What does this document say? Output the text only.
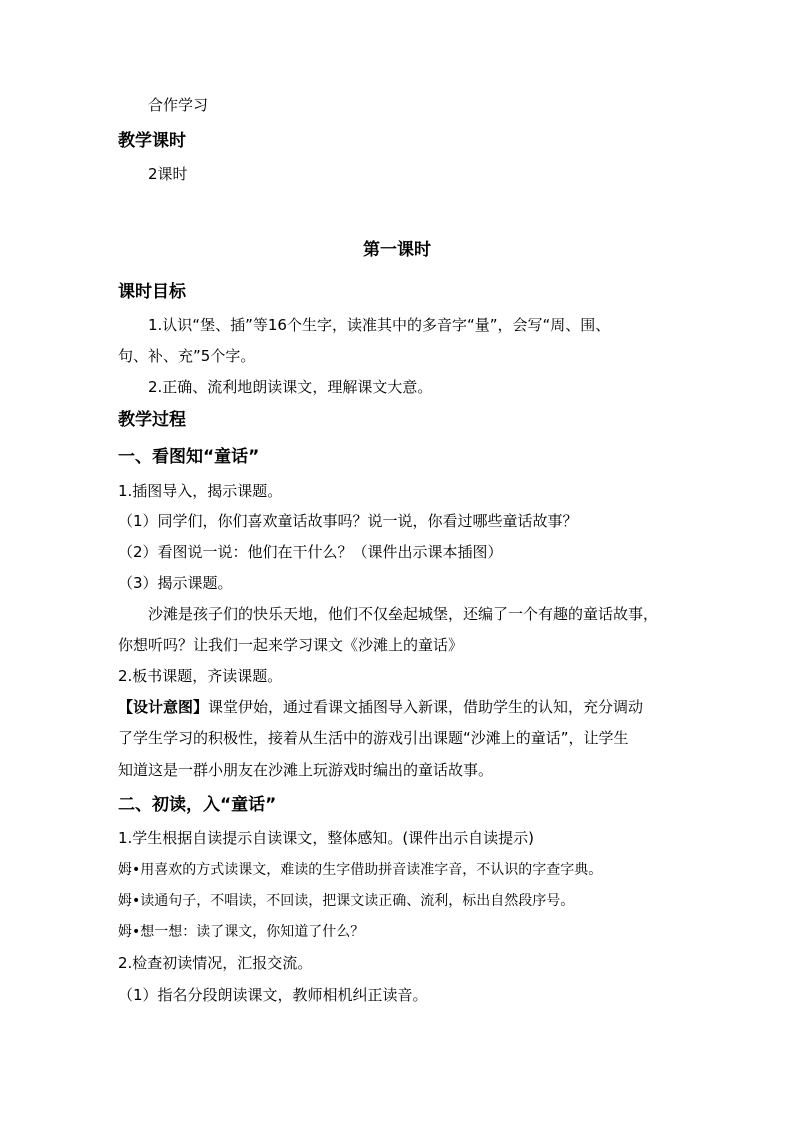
合作学习
教学课时
2课时
第一课时
课时目标
1.认识“堡、插”等16个生字，读准其中的多音字“量”，会写“周、围、
句、补、充”5个字。
2.正确、流利地朗读课文，理解课文大意。
教学过程
一、看图知“童话”
1.插图导入，揭示课题。
（1）同学们，你们喜欢童话故事吗？说一说，你看过哪些童话故事？
（2）看图说一说：他们在干什么？（课件出示课本插图）
（3）揭示课题。
沙滩是孩子们的快乐天地，他们不仅垒起城堡，还编了一个有趣的童话故事，
你想听吗？让我们一起来学习课文《沙滩上的童话》
2.板书课题，齐读课题。
【设计意图】课堂伊始，通过看课文插图导入新课，借助学生的认知，充分调动
了学生学习的积极性，接着从生活中的游戏引出课题“沙滩上的童话”，让学生
知道这是一群小朋友在沙滩上玩游戏时编出的童话故事。
二、初读，入“童话”
1.学生根据自读提示自读课文，整体感知。(课件出示自读提示)
姆•用喜欢的方式读课文，难读的生字借助拼音读准字音，不认识的字查字典。
姆•读通句子，不唱读，不回读，把课文读正确、流利，标出自然段序号。
姆•想一想：读了课文，你知道了什么？
2.检查初读情况，汇报交流。
（1）指名分段朗读课文，教师相机纠正读音。
